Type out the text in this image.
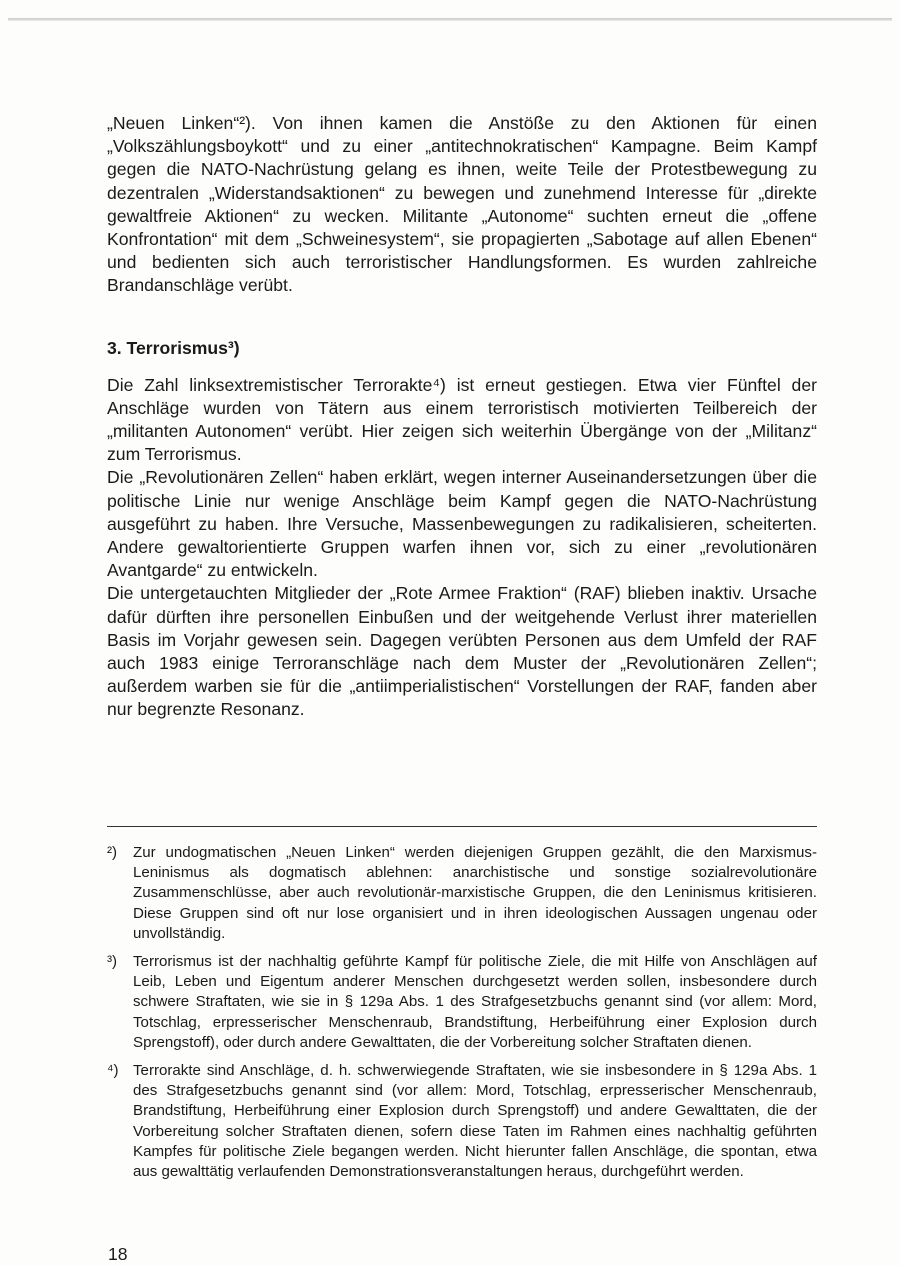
„Neuen Linken“²). Von ihnen kamen die Anstöße zu den Aktionen für einen „Volkszählungsboykott“ und zu einer „antitechnokratischen“ Kampagne. Beim Kampf gegen die NATO-Nachrüstung gelang es ihnen, weite Teile der Protestbewegung zu dezentralen „Widerstandsaktionen“ zu bewegen und zunehmend Interesse für „direkte gewaltfreie Aktionen“ zu wecken. Militante „Autonome“ suchten erneut die „offene Konfrontation“ mit dem „Schweinesystem“, sie propagierten „Sabotage auf allen Ebenen“ und bedienten sich auch terroristischer Handlungsformen. Es wurden zahlreiche Brandanschläge verübt.

3. Terrorismus³)

Die Zahl linksextremistischer Terrorakte⁴) ist erneut gestiegen. Etwa vier Fünftel der Anschläge wurden von Tätern aus einem terroristisch motivierten Teilbereich der „militanten Autonomen“ verübt. Hier zeigen sich weiterhin Übergänge von der „Militanz“ zum Terrorismus.

Die „Revolutionären Zellen“ haben erklärt, wegen interner Auseinandersetzungen über die politische Linie nur wenige Anschläge beim Kampf gegen die NATO-Nachrüstung ausgeführt zu haben. Ihre Versuche, Massenbewegungen zu radikalisieren, scheiterten. Andere gewaltorientierte Gruppen warfen ihnen vor, sich zu einer „revolutionären Avantgarde“ zu entwickeln.

Die untergetauchten Mitglieder der „Rote Armee Fraktion“ (RAF) blieben inaktiv. Ursache dafür dürften ihre personellen Einbußen und der weitgehende Verlust ihrer materiellen Basis im Vorjahr gewesen sein. Dagegen verübten Personen aus dem Umfeld der RAF auch 1983 einige Terroranschläge nach dem Muster der „Revolutionären Zellen“; außerdem warben sie für die „antiimperialistischen“ Vorstellungen der RAF, fanden aber nur begrenzte Resonanz.

²)	Zur undogmatischen „Neuen Linken“ werden diejenigen Gruppen gezählt, die den Marxismus-Leninismus als dogmatisch ablehnen: anarchistische und sonstige sozialrevolutionäre Zusammenschlüsse, aber auch revolutionär-marxistische Gruppen, die den Leninismus kritisieren. Diese Gruppen sind oft nur lose organisiert und in ihren ideologischen Aussagen ungenau oder unvollständig.
³)	Terrorismus ist der nachhaltig geführte Kampf für politische Ziele, die mit Hilfe von Anschlägen auf Leib, Leben und Eigentum anderer Menschen durchgesetzt werden sollen, insbesondere durch schwere Straftaten, wie sie in § 129a Abs. 1 des Strafgesetzbuchs genannt sind (vor allem: Mord, Totschlag, erpresserischer Menschenraub, Brandstiftung, Herbeiführung einer Explosion durch Sprengstoff), oder durch andere Gewalttaten, die der Vorbereitung solcher Straftaten dienen.
⁴) Terrorakte sind Anschläge, d. h. schwerwiegende Straftaten, wie sie insbesondere in § 129a Abs. 1 des Strafgesetzbuchs genannt sind (vor allem: Mord, Totschlag, erpresserischer Menschenraub, Brandstiftung, Herbeiführung einer Explosion durch Sprengstoff) und andere Gewalttaten, die der Vorbereitung solcher Straftaten dienen, sofern diese Taten im Rahmen eines nachhaltig geführten Kampfes für politische Ziele begangen werden. Nicht hierunter fallen Anschläge, die spontan, etwa aus gewalttätig verlaufenden Demonstrationsveranstaltungen heraus, durchgeführt werden.
18
